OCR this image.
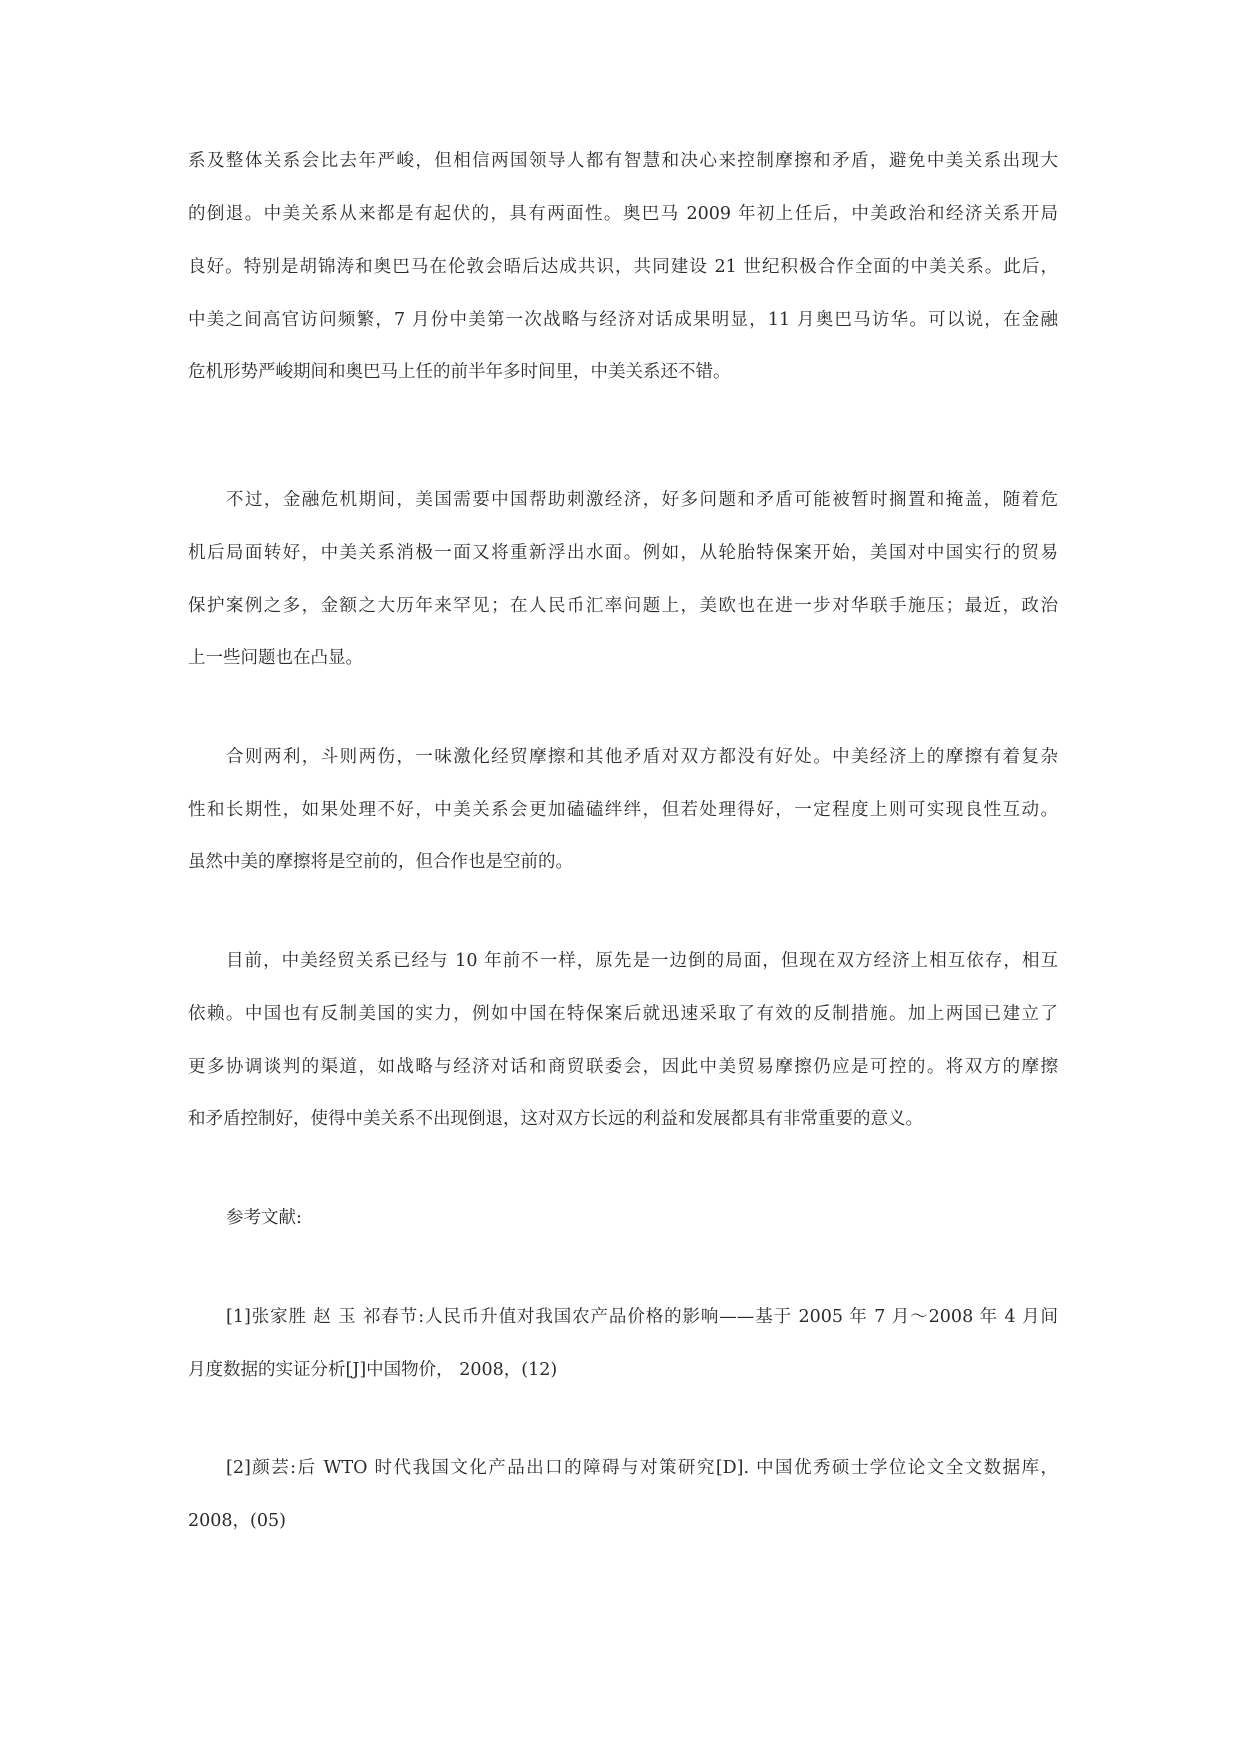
系及整体关系会比去年严峻，但相信两国领导人都有智慧和决心来控制摩擦和矛盾，避免中美关系出现大
的倒退。中美关系从来都是有起伏的，具有两面性。奥巴马 2009 年初上任后，中美政治和经济关系开局
良好。特别是胡锦涛和奥巴马在伦敦会晤后达成共识，共同建设 21 世纪积极合作全面的中美关系。此后，
中美之间高官访问频繁，7 月份中美第一次战略与经济对话成果明显，11 月奥巴马访华。可以说，在金融
危机形势严峻期间和奥巴马上任的前半年多时间里，中美关系还不错。
不过，金融危机期间，美国需要中国帮助刺激经济，好多问题和矛盾可能被暂时搁置和掩盖，随着危
机后局面转好，中美关系消极一面又将重新浮出水面。例如，从轮胎特保案开始，美国对中国实行的贸易
保护案例之多，金额之大历年来罕见；在人民币汇率问题上，美欧也在进一步对华联手施压；最近，政治
上一些问题也在凸显。
合则两利，斗则两伤，一味激化经贸摩擦和其他矛盾对双方都没有好处。中美经济上的摩擦有着复杂
性和长期性，如果处理不好，中美关系会更加磕磕绊绊，但若处理得好，一定程度上则可实现良性互动。
虽然中美的摩擦将是空前的，但合作也是空前的。
目前，中美经贸关系已经与 10 年前不一样，原先是一边倒的局面，但现在双方经济上相互依存，相互
依赖。中国也有反制美国的实力，例如中国在特保案后就迅速采取了有效的反制措施。加上两国已建立了
更多协调谈判的渠道，如战略与经济对话和商贸联委会，因此中美贸易摩擦仍应是可控的。将双方的摩擦
和矛盾控制好，使得中美关系不出现倒退，这对双方长远的利益和发展都具有非常重要的意义。
参考文献:
[1]张家胜 赵 玉 祁春节:人民币升值对我国农产品价格的影响——基于 2005 年 7 月～2008 年 4 月间
月度数据的实证分析[J]中国物价， 2008，(12)
[2]颜芸:后 WTO 时代我国文化产品出口的障碍与对策研究[D]. 中国优秀硕士学位论文全文数据库，
2008，(05)
